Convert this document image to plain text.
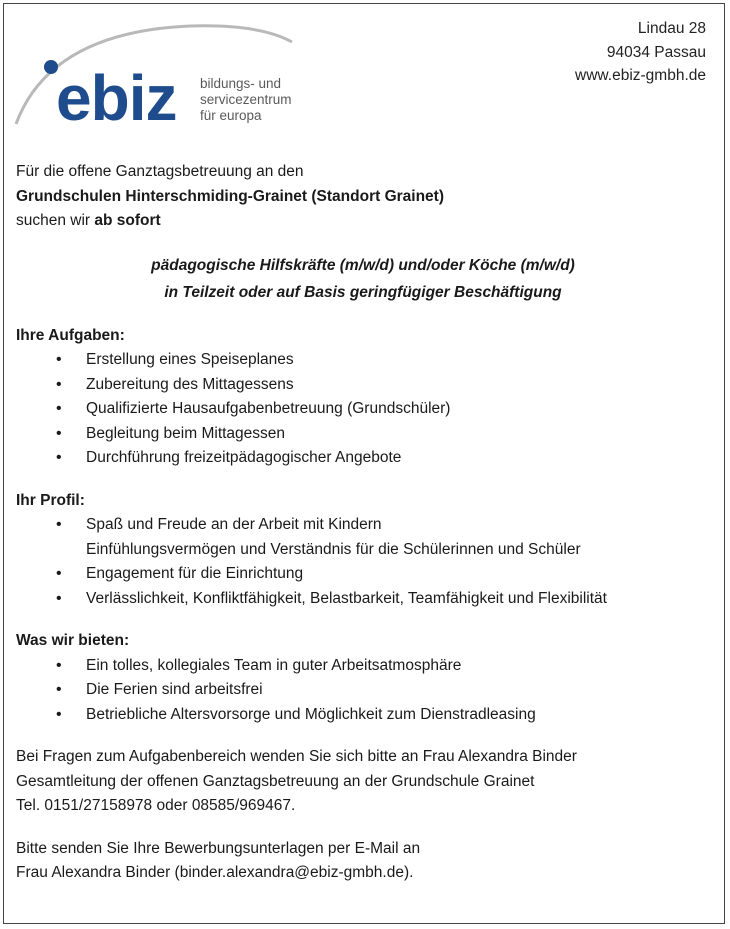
ebiz bildungs- und
servicezentrum
für europa
Lindau 28
94034 Passau
www.ebiz-gmbh.de

Für die offene Ganztagsbetreuung an den

Grundschulen Hinterschmiding-Grainet (Standort Grainet)

suchen wir ab sofort

pädagogische Hilfskräfte (m/w/d) und/oder Köche (m/w/d)
in Teilzeit oder auf Basis geringfügiger Beschäftigung

Ihre Aufgaben:

• Erstellung eines Speiseplanes
• Zubereitung des Mittagessens
• Qualifizierte Hausaufgabenbetreuung (Grundschüler)
• Begleitung beim Mittagessen
• Durchführung freizeitpädagogischer Angebote

Ihr Profil:

• Spaß und Freude an der Arbeit mit Kindern
Einfühlungsvermögen und Verständnis für die Schülerinnen und Schüler
• Engagement für die Einrichtung
• Verlässlichkeit, Konfliktfähigkeit, Belastbarkeit, Teamfähigkeit und Flexibilität

Was wir bieten:

• Ein tolles, kollegiales Team in guter Arbeitsatmosphäre
• Die Ferien sind arbeitsfrei
• Betriebliche Altersvorsorge und Möglichkeit zum Dienstradleasing

Bei Fragen zum Aufgabenbereich wenden Sie sich bitte an Frau Alexandra Binder
Gesamtleitung der offenen Ganztagsbetreuung an der Grundschule Grainet
Tel. 0151/27158978 oder 08585/969467.

Bitte senden Sie Ihre Bewerbungsunterlagen per E-Mail an
Frau Alexandra Binder (binder.alexandra@ebiz-gmbh.de).
